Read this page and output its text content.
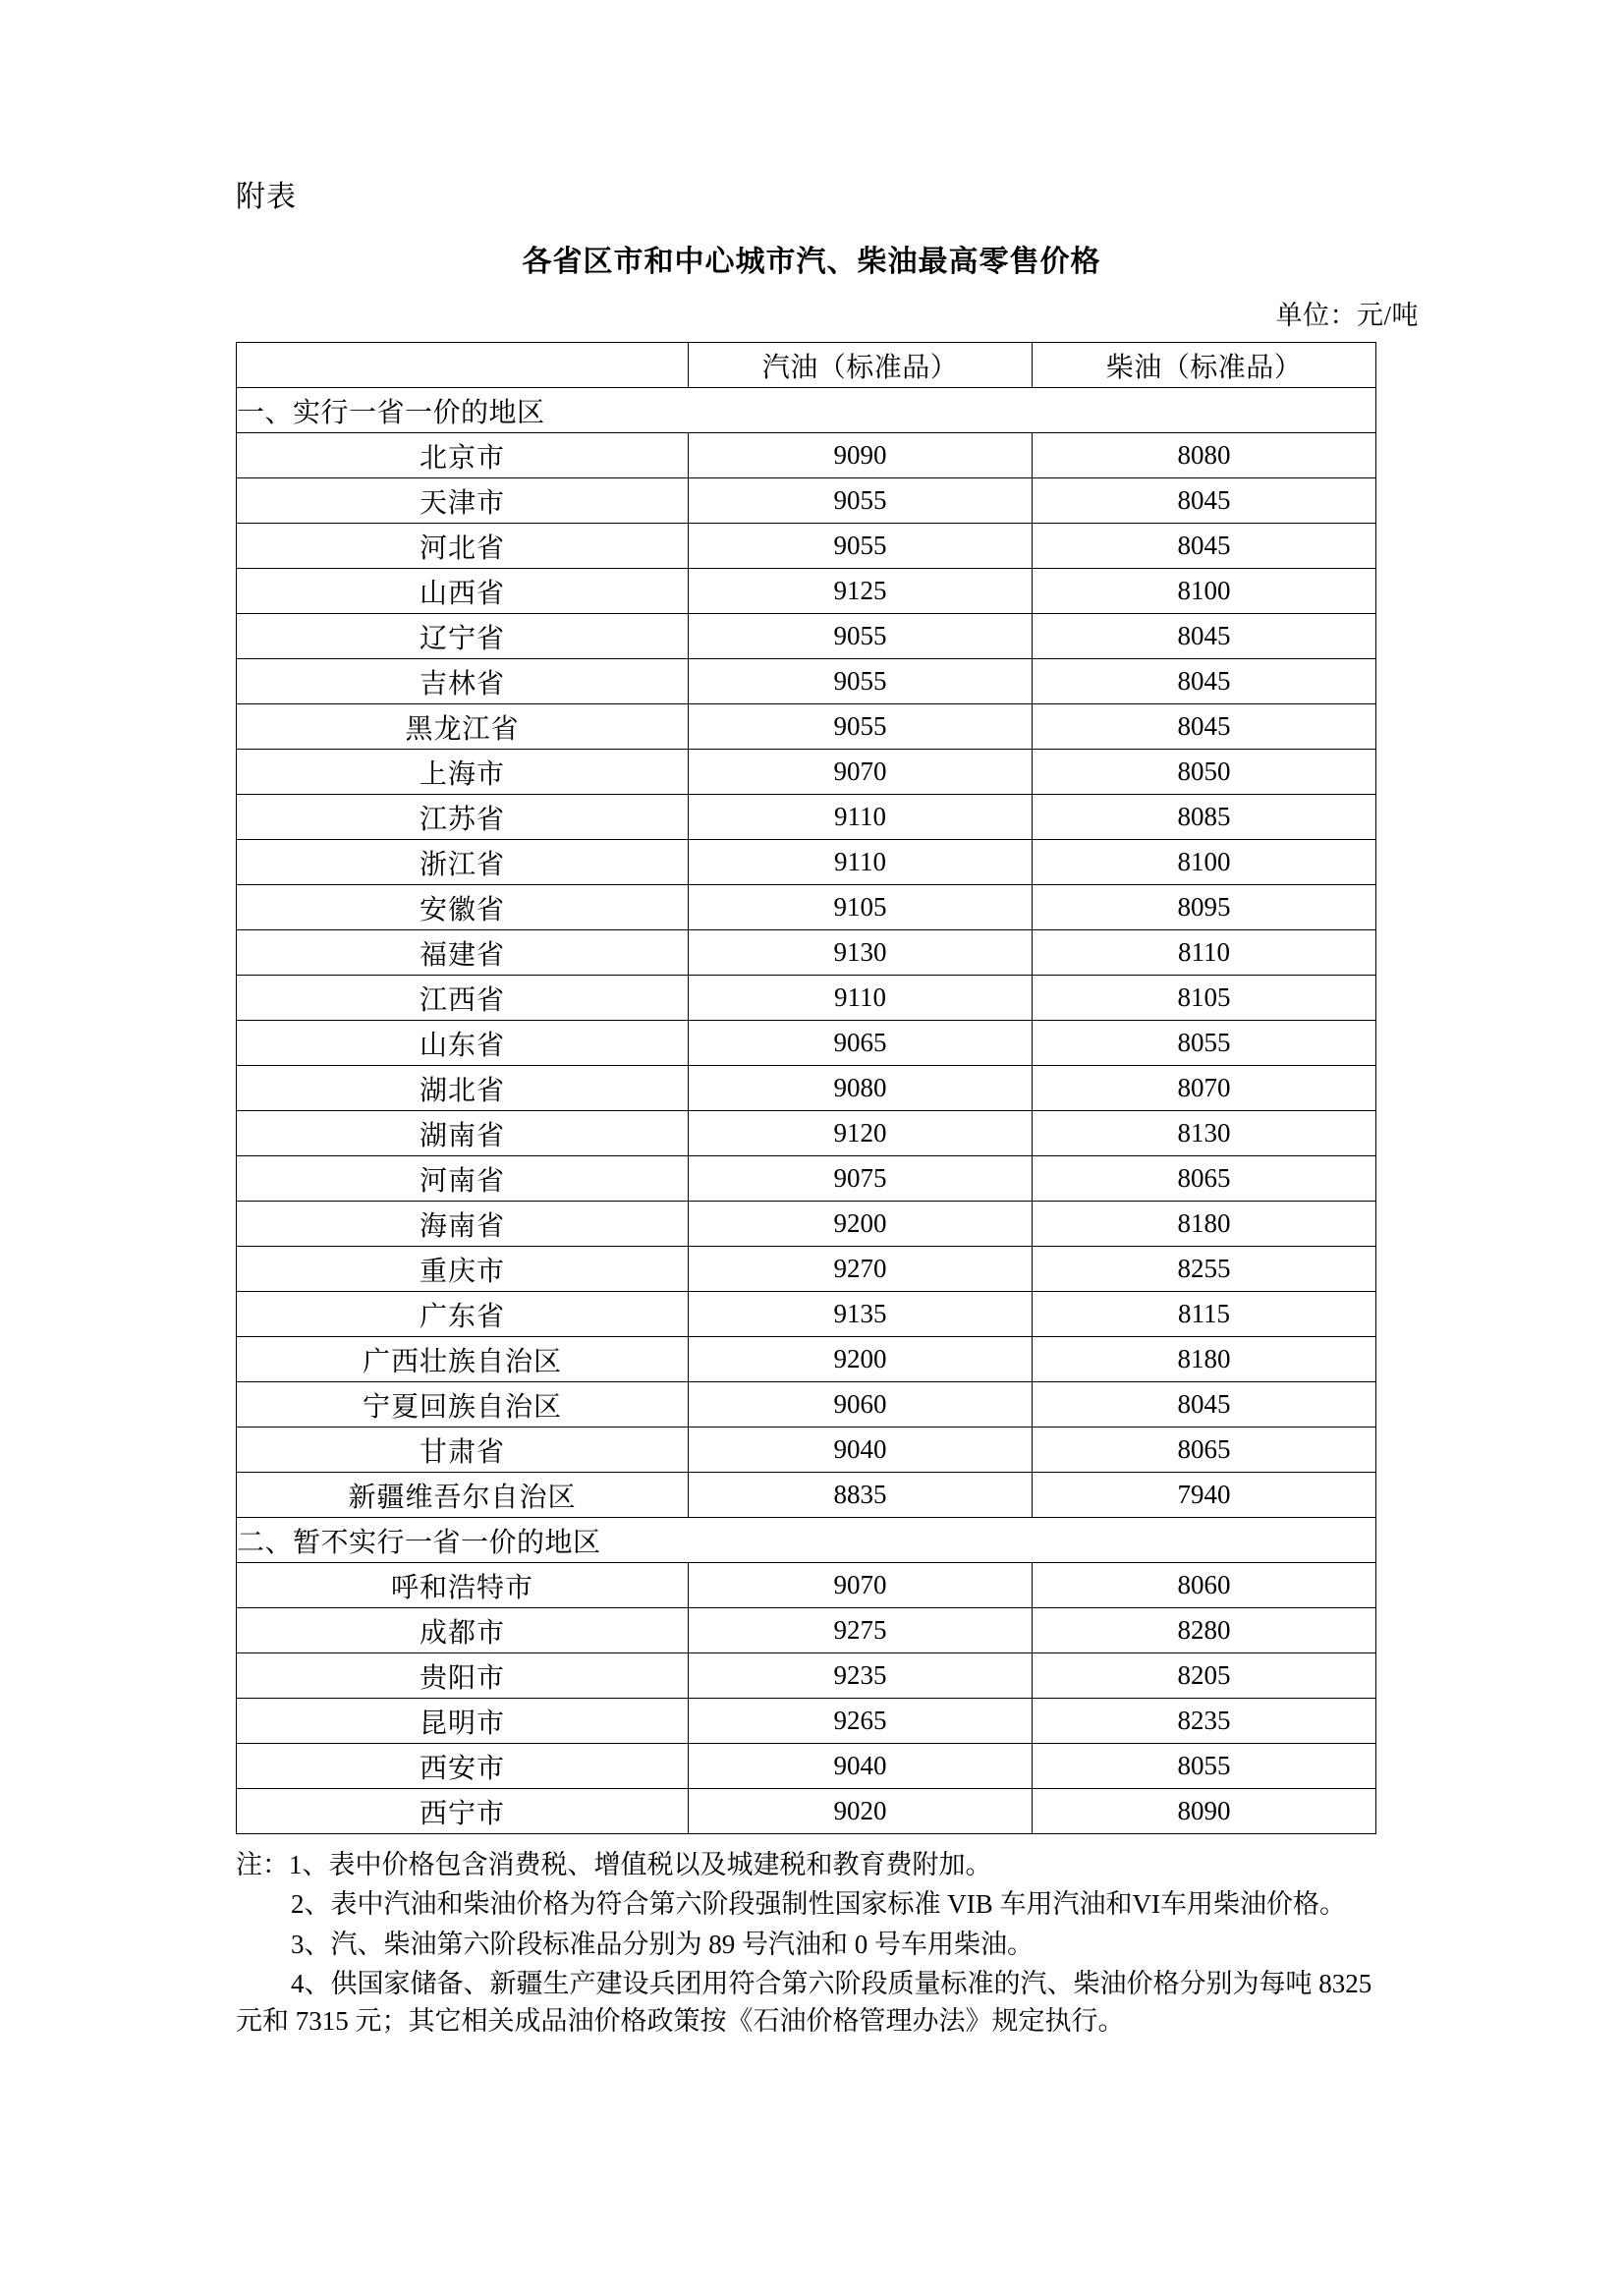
附表
各省区市和中心城市汽、柴油最高零售价格
单位：元/吨
	汽油（标准品）	柴油（标准品）
一、实行一省一价的地区		
北京市	9090	8080
天津市	9055	8045
河北省	9055	8045
山西省	9125	8100
辽宁省	9055	8045
吉林省	9055	8045
黑龙江省	9055	8045
上海市	9070	8050
江苏省	9110	8085
浙江省	9110	8100
安徽省	9105	8095
福建省	9130	8110
江西省	9110	8105
山东省	9065	8055
湖北省	9080	8070
湖南省	9120	8130
河南省	9075	8065
海南省	9200	8180
重庆市	9270	8255
广东省	9135	8115
广西壮族自治区	9200	8180
宁夏回族自治区	9060	8045
甘肃省	9040	8065
新疆维吾尔自治区	8835	7940
二、暂不实行一省一价的地区		
呼和浩特市	9070	8060
成都市	9275	8280
贵阳市	9235	8205
昆明市	9265	8235
西安市	9040	8055
西宁市	9020	8090

注：1、表中价格包含消费税、增值税以及城建税和教育费附加。

2、表中汽油和柴油价格为符合第六阶段强制性国家标准 VIB 车用汽油和VI车用柴油价格。

3、汽、柴油第六阶段标准品分别为 89 号汽油和 0 号车用柴油。

4、供国家储备、新疆生产建设兵团用符合第六阶段质量标准的汽、柴油价格分别为每吨 8325 元和 7315 元；其它相关成品油价格政策按《石油价格管理办法》规定执行。
